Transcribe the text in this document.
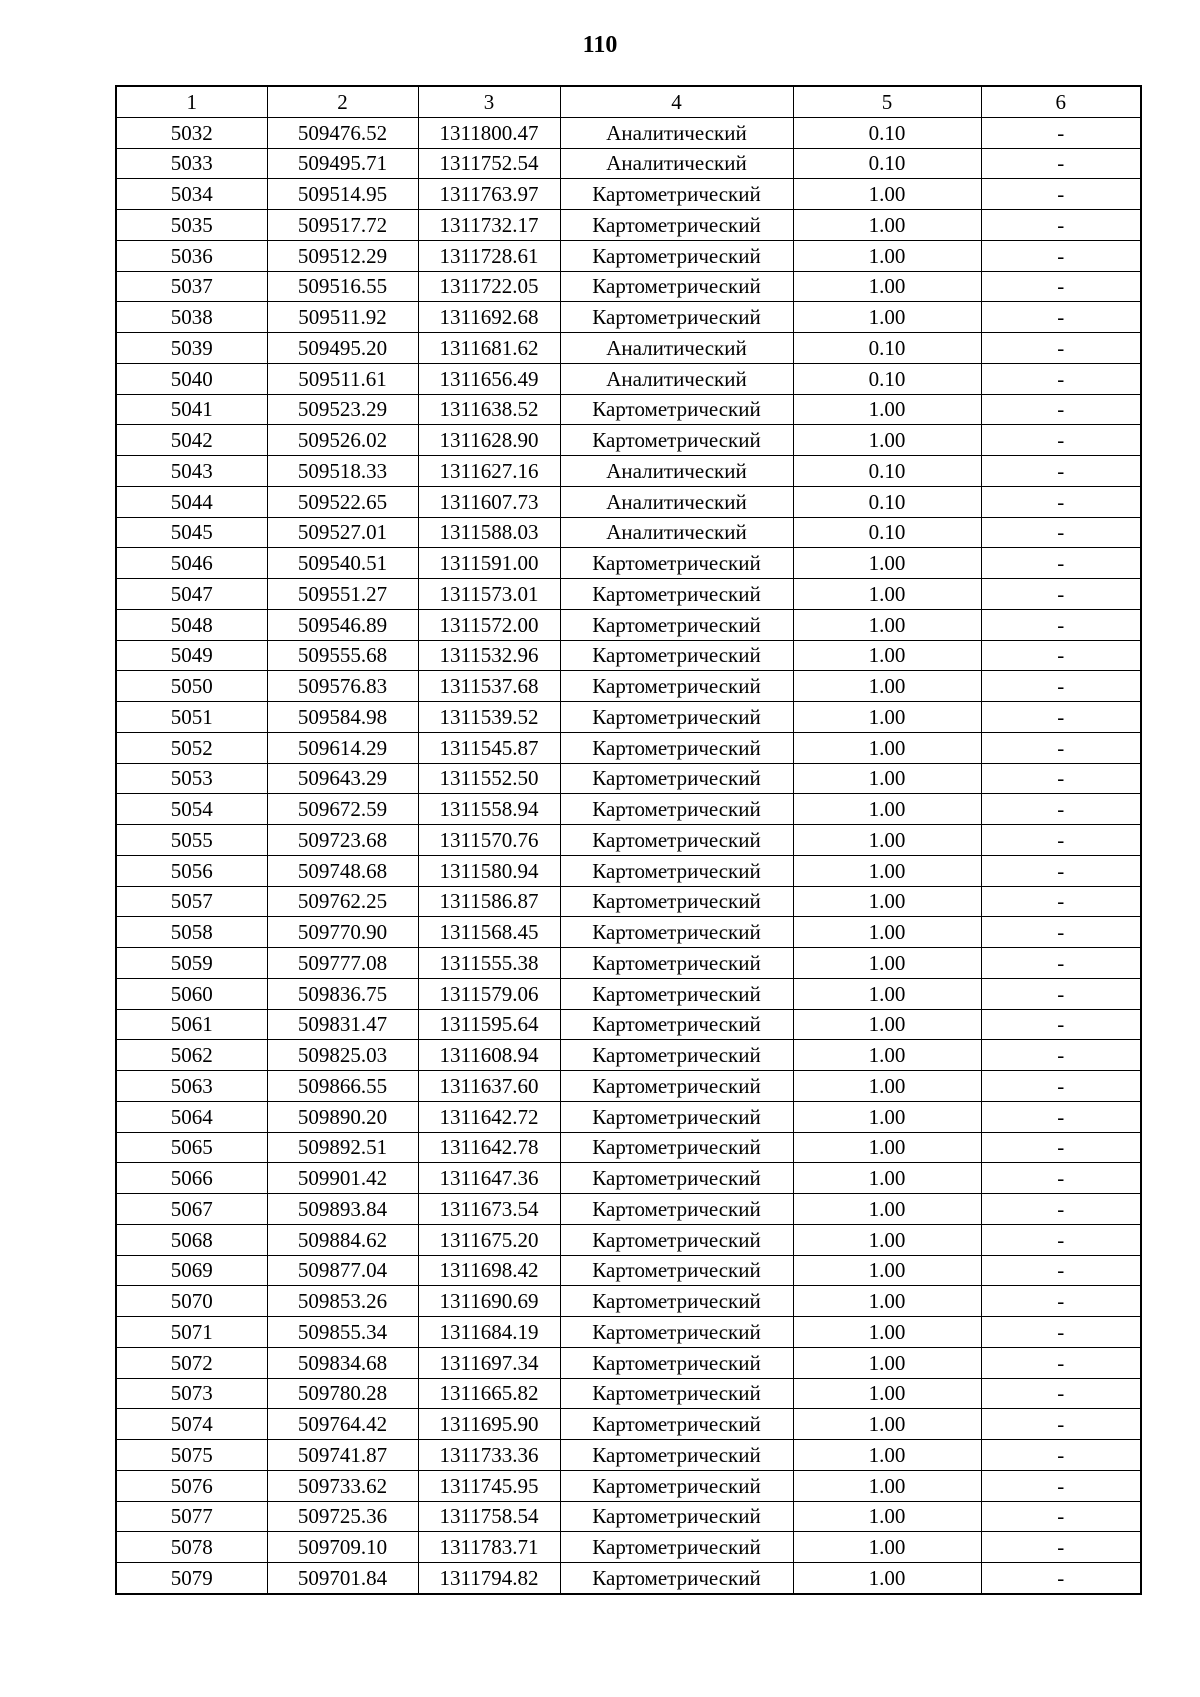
110
1	2	3	4	5	6
5032	509476.52	1311800.47	Аналитический	0.10	-
5033	509495.71	1311752.54	Аналитический	0.10	-
5034	509514.95	1311763.97	Картометрический	1.00	-
5035	509517.72	1311732.17	Картометрический	1.00	-
5036	509512.29	1311728.61	Картометрический	1.00	-
5037	509516.55	1311722.05	Картометрический	1.00	-
5038	509511.92	1311692.68	Картометрический	1.00	-
5039	509495.20	1311681.62	Аналитический	0.10	-
5040	509511.61	1311656.49	Аналитический	0.10	-
5041	509523.29	1311638.52	Картометрический	1.00	-
5042	509526.02	1311628.90	Картометрический	1.00	-
5043	509518.33	1311627.16	Аналитический	0.10	-
5044	509522.65	1311607.73	Аналитический	0.10	-
5045	509527.01	1311588.03	Аналитический	0.10	-
5046	509540.51	1311591.00	Картометрический	1.00	-
5047	509551.27	1311573.01	Картометрический	1.00	-
5048	509546.89	1311572.00	Картометрический	1.00	-
5049	509555.68	1311532.96	Картометрический	1.00	-
5050	509576.83	1311537.68	Картометрический	1.00	-
5051	509584.98	1311539.52	Картометрический	1.00	-
5052	509614.29	1311545.87	Картометрический	1.00	-
5053	509643.29	1311552.50	Картометрический	1.00	-
5054	509672.59	1311558.94	Картометрический	1.00	-
5055	509723.68	1311570.76	Картометрический	1.00	-
5056	509748.68	1311580.94	Картометрический	1.00	-
5057	509762.25	1311586.87	Картометрический	1.00	-
5058	509770.90	1311568.45	Картометрический	1.00	-
5059	509777.08	1311555.38	Картометрический	1.00	-
5060	509836.75	1311579.06	Картометрический	1.00	-
5061	509831.47	1311595.64	Картометрический	1.00	-
5062	509825.03	1311608.94	Картометрический	1.00	-
5063	509866.55	1311637.60	Картометрический	1.00	-
5064	509890.20	1311642.72	Картометрический	1.00	-
5065	509892.51	1311642.78	Картометрический	1.00	-
5066	509901.42	1311647.36	Картометрический	1.00	-
5067	509893.84	1311673.54	Картометрический	1.00	-
5068	509884.62	1311675.20	Картометрический	1.00	-
5069	509877.04	1311698.42	Картометрический	1.00	-
5070	509853.26	1311690.69	Картометрический	1.00	-
5071	509855.34	1311684.19	Картометрический	1.00	-
5072	509834.68	1311697.34	Картометрический	1.00	-
5073	509780.28	1311665.82	Картометрический	1.00	-
5074	509764.42	1311695.90	Картометрический	1.00	-
5075	509741.87	1311733.36	Картометрический	1.00	-
5076	509733.62	1311745.95	Картометрический	1.00	-
5077	509725.36	1311758.54	Картометрический	1.00	-
5078	509709.10	1311783.71	Картометрический	1.00	-
5079	509701.84	1311794.82	Картометрический	1.00	-
